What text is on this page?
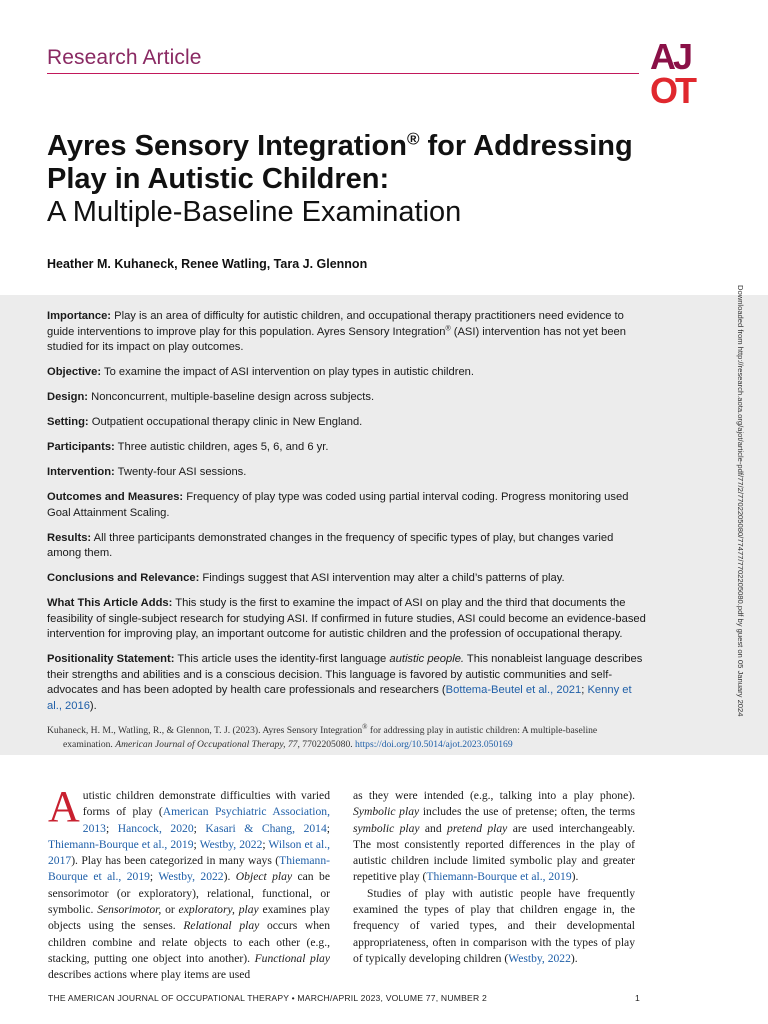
Research Article	AJ
OT
Ayres Sensory Integration® for Addressing Play in Autistic Children:
A Multiple-Baseline Examination
Heather M. Kuhaneck, Renee Watling, Tara J. Glennon

Importance: Play is an area of difficulty for autistic children, and occupational therapy practitioners need evidence to guide interventions to improve play for this population. Ayres Sensory Integration® (ASI) intervention has not yet been studied for its impact on play outcomes.

Objective: To examine the impact of ASI intervention on play types in autistic children.

Design: Nonconcurrent, multiple-baseline design across subjects.

Setting: Outpatient occupational therapy clinic in New England.

Participants: Three autistic children, ages 5, 6, and 6 yr.

Intervention: Twenty-four ASI sessions.

Outcomes and Measures: Frequency of play type was coded using partial interval coding. Progress monitoring used Goal Attainment Scaling.

Results: All three participants demonstrated changes in the frequency of specific types of play, but changes varied among them.

Conclusions and Relevance: Findings suggest that ASI intervention may alter a child’s patterns of play.

What This Article Adds: This study is the first to examine the impact of ASI on play and the third that documents the feasibility of single-subject research for studying ASI. If confirmed in future studies, ASI could become an evidence-based intervention for improving play, an important outcome for autistic children and the profession of occupational therapy.

Positionality Statement: This article uses the identity-first language autistic people. This nonableist language describes their strengths and abilities and is a conscious decision. This language is favored by autistic communities and self-advocates and has been adopted by health care professionals and researchers (Bottema-Beutel et al., 2021; Kenny et al., 2016).

Kuhaneck, H. M., Watling, R., & Glennon, T. J. (2023). Ayres Sensory Integration® for addressing play in autistic children: A multiple-baseline
examination. American Journal of Occupational Therapy, 77, 7702205080. https://doi.org/10.5014/ajot.2023.050169
Downloaded from http://research.aota.org/ajot/article-pdf/77/2/7702205080/77477/7702205080.pdf by guest on 05 January 2024

Autistic children demonstrate difficulties with varied forms of play (American Psychiatric Association, 2013; Hancock, 2020; Kasari & Chang, 2014; Thiemann-Bourque et al., 2019; Westby, 2022; Wilson et al., 2017). Play has been categorized in many ways (Thiemann-Bourque et al., 2019; Westby, 2022). Object play can be sensorimotor (or exploratory), relational, functional, or symbolic. Sensorimotor, or exploratory, play examines play objects using the senses. Relational play occurs when children combine and relate objects to each other (e.g., stacking, putting one object into another). Functional play describes actions where play items are used

as they were intended (e.g., talking into a play phone). Symbolic play includes the use of pretense; often, the terms symbolic play and pretend play are used interchangeably. The most consistently reported differences in the play of autistic children include limited symbolic play and greater repetitive play (Thiemann-Bourque et al., 2019).

Studies of play with autistic people have frequently examined the types of play that children engage in, the frequency of varied types, and their developmental appropriateness, often in comparison with the types of play of typically developing children (Westby, 2022).

THE AMERICAN JOURNAL OF OCCUPATIONAL THERAPY • MARCH/APRIL 2023, VOLUME 77, NUMBER 2	1
